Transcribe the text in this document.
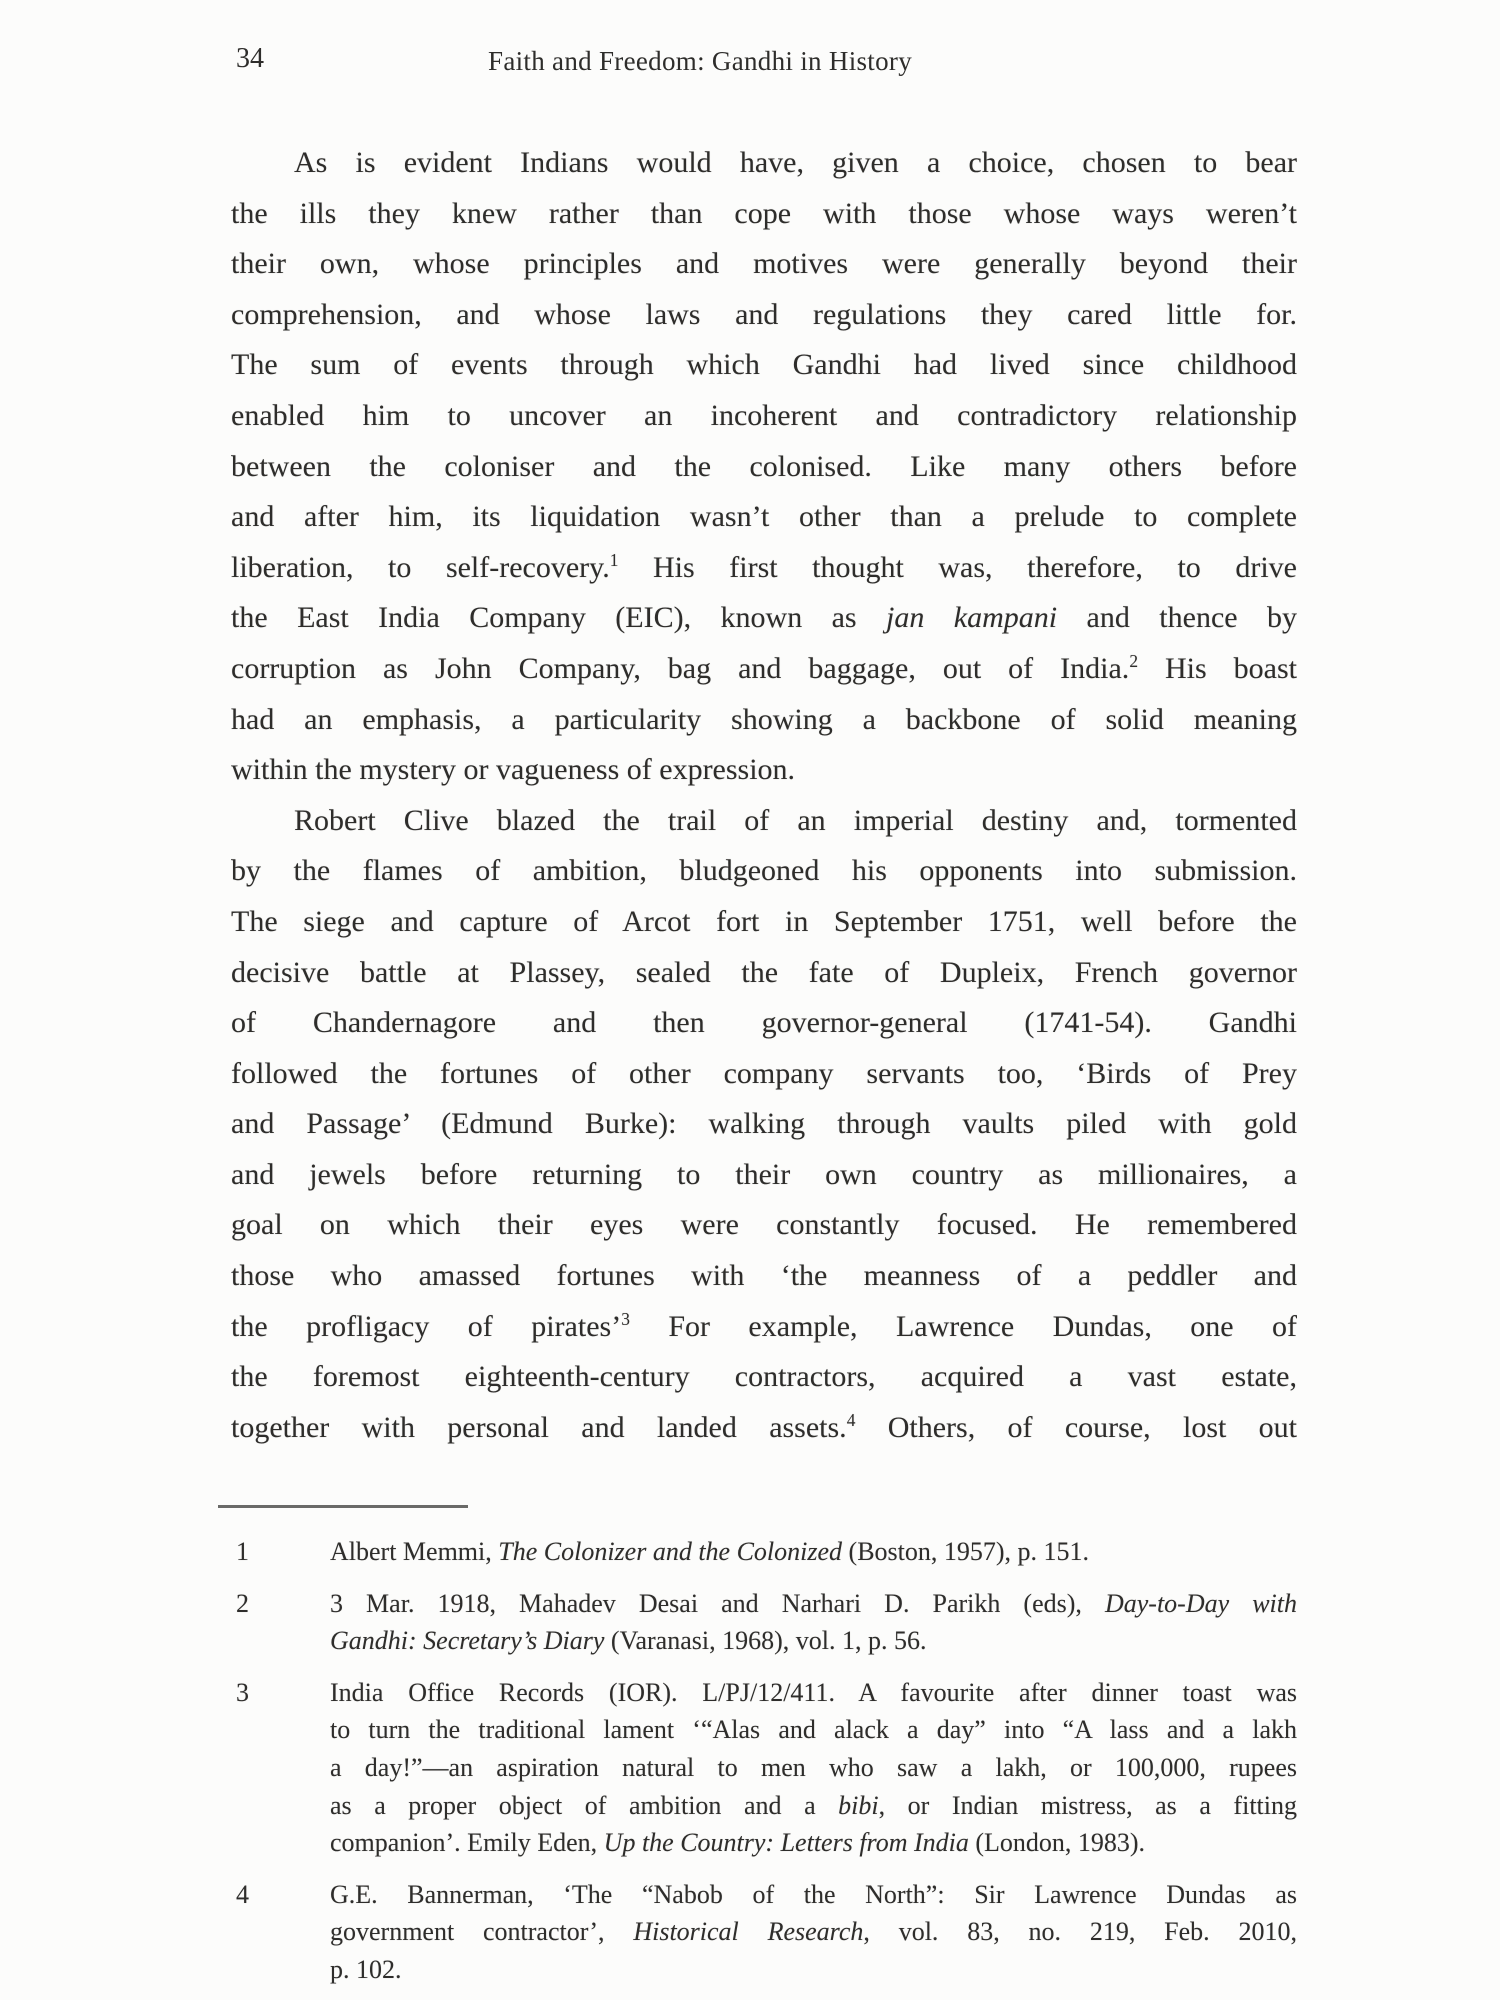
34	Faith and Freedom: Gandhi in History
As is evident Indians would have, given a choice, chosen to bear
the ills they knew rather than cope with those whose ways weren’t
their own, whose principles and motives were generally beyond their
comprehension, and whose laws and regulations they cared little for.
The sum of events through which Gandhi had lived since childhood
enabled him to uncover an incoherent and contradictory relationship
between the coloniser and the colonised. Like many others before
and after him, its liquidation wasn’t other than a prelude to complete
liberation, to self-recovery.$^1$ His first thought was, therefore, to drive
the East India Company (EIC), known as jan kampani and thence by
corruption as John Company, bag and baggage, out of India.$^2$ His boast
had an emphasis, a particularity showing a backbone of solid meaning
within the mystery or vagueness of expression.
Robert Clive blazed the trail of an imperial destiny and, tormented
by the flames of ambition, bludgeoned his opponents into submission.
The siege and capture of Arcot fort in September 1751, well before the
decisive battle at Plassey, sealed the fate of Dupleix, French governor
of Chandernagore and then governor-general (1741-54). Gandhi
followed the fortunes of other company servants too, ‘Birds of Prey
and Passage’ (Edmund Burke): walking through vaults piled with gold
and jewels before returning to their own country as millionaires, a
goal on which their eyes were constantly focused. He remembered
those who amassed fortunes with ‘the meanness of a peddler and
the profligacy of pirates’$^3$ For example, Lawrence Dundas, one of
the foremost eighteenth-century contractors, acquired a vast estate,
together with personal and landed assets.$^4$ Others, of course, lost out
1	Albert Memmi, The Colonizer and the Colonized (Boston, 1957), p. 151.
2	3 Mar. 1918, Mahadev Desai and Narhari D. Parikh (eds), Day-to-Day with
Gandhi: Secretary’s Diary (Varanasi, 1968), vol. 1, p. 56.
3	India Office Records (IOR). L/PJ/12/411. A favourite after dinner toast was
to turn the traditional lament ‘“Alas and alack a day” into “A lass and a lakh
a day!”—an aspiration natural to men who saw a lakh, or 100,000, rupees
as a proper object of ambition and a bibi, or Indian mistress, as a fitting
companion’. Emily Eden, Up the Country: Letters from India (London, 1983).
4	G.E. Bannerman, ‘The “Nabob of the North”: Sir Lawrence Dundas as
government contractor’, Historical Research, vol. 83, no. 219, Feb. 2010,
p. 102.
